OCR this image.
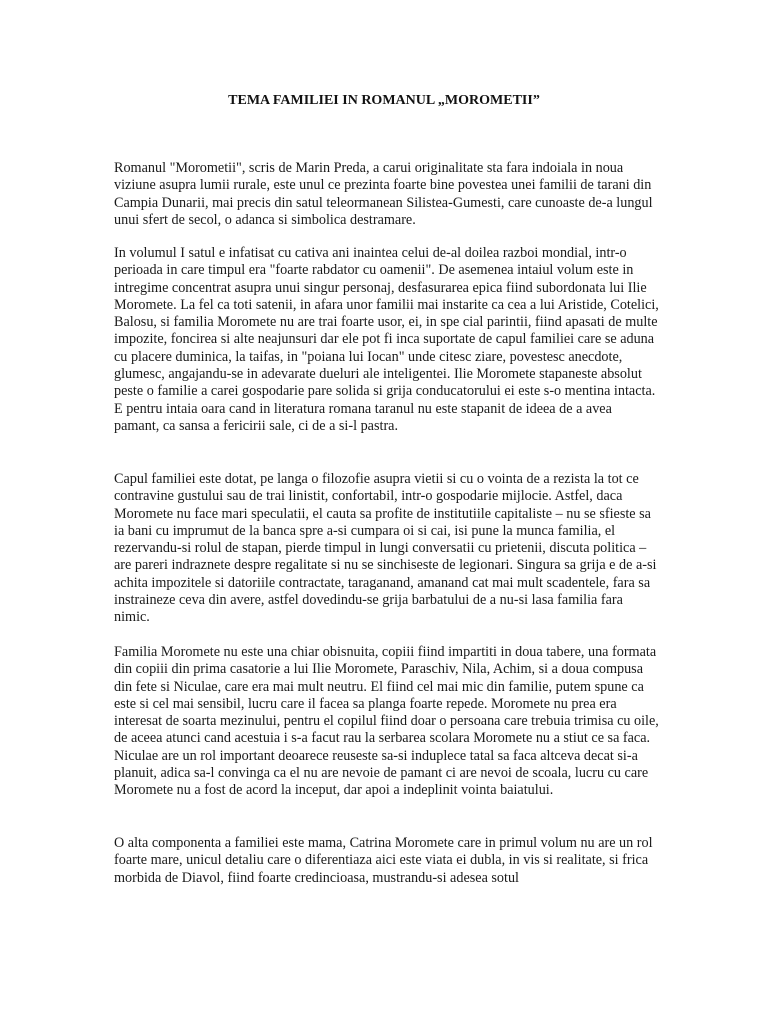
TEMA FAMILIEI IN ROMANUL „MOROMETII”

Romanul "Morometii", scris de Marin Preda, a carui originalitate sta fara indoiala in noua viziune asupra lumii rurale, este unul ce prezinta foarte bine povestea unei familii de tarani din Campia Dunarii, mai precis din satul teleormanean Silistea-Gumesti, care cunoaste de-a lungul unui sfert de secol, o adanca si simbolica destramare.

In volumul I satul e infatisat cu cativa ani inaintea celui de-al doilea razboi mondial, intr-o perioada in care timpul era "foarte rabdator cu oamenii". De asemenea intaiul volum este in intregime concentrat asupra unui singur personaj, desfasurarea epica fiind subordonata lui Ilie Moromete. La fel ca toti satenii, in afara unor familii mai instarite ca cea a lui Aristide, Cotelici, Balosu, si familia Moromete nu are trai foarte usor, ei, in spe cial parintii, fiind apasati de multe impozite, foncirea si alte neajunsuri dar ele pot fi inca suportate de capul familiei care se aduna cu placere duminica, la taifas, in "poiana lui Iocan" unde citesc ziare, povestesc anecdote, glumesc, angajandu-se in adevarate dueluri ale inteligentei. Ilie Moromete stapaneste absolut peste o familie a carei gospodarie pare solida si grija conducatorului ei este s-o mentina intacta. E pentru intaia oara cand in literatura romana taranul nu este stapanit de ideea de a avea pamant, ca sansa a fericirii sale, ci de a si-l pastra.

Capul familiei este dotat, pe langa o filozofie asupra vietii si cu o vointa de a rezista la tot ce contravine gustului sau de trai linistit, confortabil, intr-o gospodarie mijlocie. Astfel, daca Moromete nu face mari speculatii, el cauta sa profite de institutiile capitaliste – nu se sfieste sa ia bani cu imprumut de la banca spre a-si cumpara oi si cai, isi pune la munca familia, el rezervandu-si rolul de stapan, pierde timpul in lungi conversatii cu prietenii, discuta politica – are pareri indraznete despre regalitate si nu se sinchiseste de legionari. Singura sa grija e de a-si achita impozitele si datoriile contractate, taraganand, amanand cat mai mult scadentele, fara sa instraineze ceva din avere, astfel dovedindu-se grija barbatului de a nu-si lasa familia fara nimic.

Familia Moromete nu este una chiar obisnuita, copiii fiind impartiti in doua tabere, una formata din copiii din prima casatorie a lui Ilie Moromete, Paraschiv, Nila, Achim, si a doua compusa din fete si Niculae, care era mai mult neutru. El fiind cel mai mic din familie, putem spune ca este si cel mai sensibil, lucru care il facea sa planga foarte repede. Moromete nu prea era interesat de soarta mezinului, pentru el copilul fiind doar o persoana care trebuia trimisa cu oile, de aceea atunci cand acestuia i s-a facut rau la serbarea scolara Moromete nu a stiut ce sa faca. Niculae are un rol important deoarece reuseste sa-si induplece tatal sa faca altceva decat si-a planuit, adica sa-l convinga ca el nu are nevoie de pamant ci are nevoi de scoala, lucru cu care Moromete nu a fost de acord la inceput, dar apoi a indeplinit vointa baiatului.

O alta componenta a familiei este mama, Catrina Moromete care in primul volum nu are un rol foarte mare, unicul detaliu care o diferentiaza aici este viata ei dubla, in vis si realitate, si frica morbida de Diavol, fiind foarte credincioasa, mustrandu-si adesea sotul
